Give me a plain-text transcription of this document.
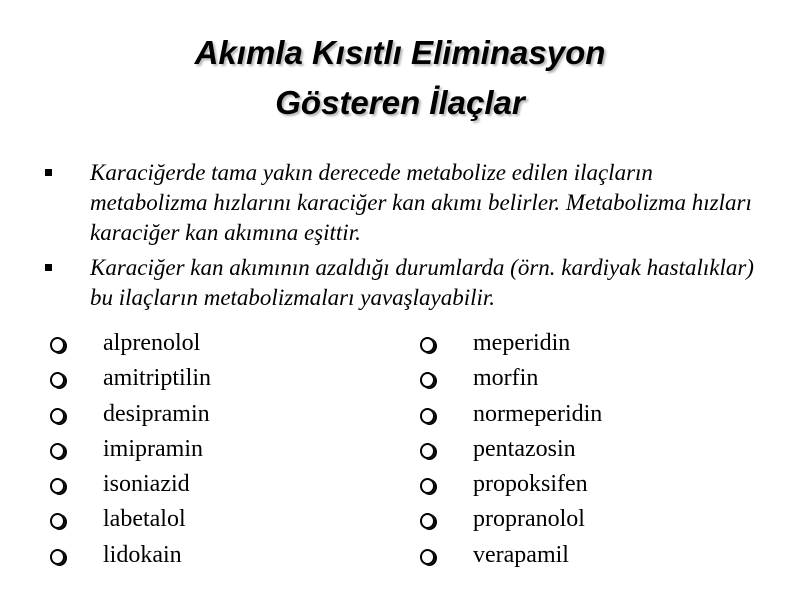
Akımla Kısıtlı Eliminasyon
Gösteren İlaçlar
Karaciğerde tama yakın derecede metabolize edilen ilaçların metabolizma hızlarını karaciğer kan akımı belirler. Metabolizma hızları karaciğer kan akımına eşittir.
Karaciğer kan akımının azaldığı durumlarda (örn. kardiyak hastalıklar) bu ilaçların metabolizmaları yavaşlayabilir.
alprenolol
amitriptilin
desipramin
imipramin
isoniazid
labetalol
lidokain
meperidin
morfin
normeperidin
pentazosin
propoksifen
propranolol
verapamil
